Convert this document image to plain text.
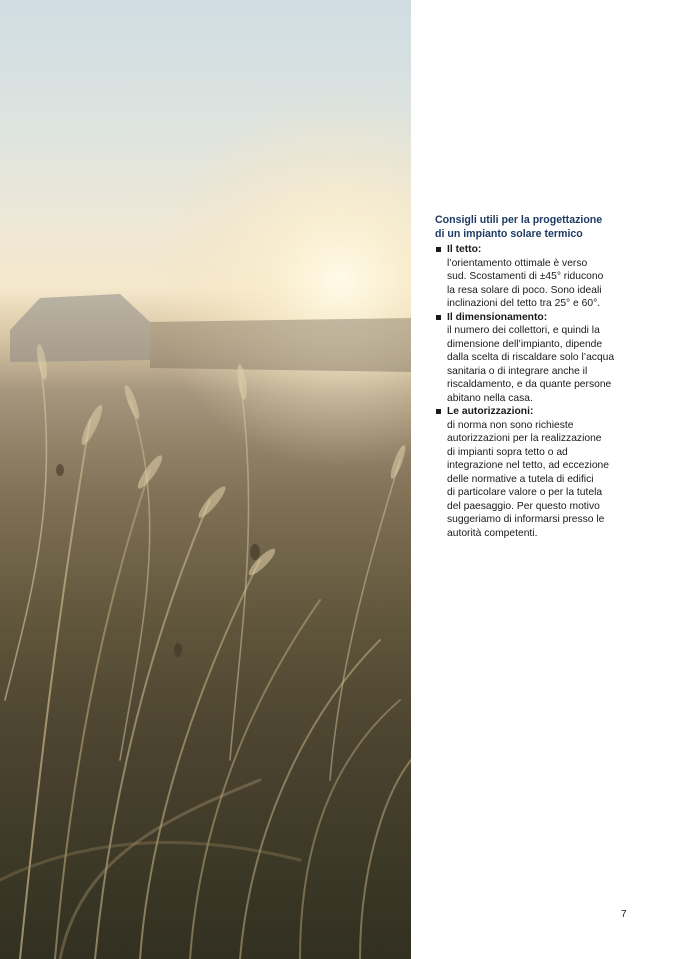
Consigli utili per la progettazione
di un impianto solare termico
Il tetto:
l’orientamento ottimale è verso
sud. Scostamenti di ±45° riducono
la resa solare di poco. Sono ideali
inclinazioni del tetto tra 25° e 60°.
Il dimensionamento:
il numero dei collettori, e quindi la
dimensione dell’impianto, dipende
dalla scelta di riscaldare solo l’acqua
sanitaria o di integrare anche il
riscaldamento, e da quante persone
abitano nella casa.
Le autorizzazioni:
di norma non sono richieste
autorizzazioni per la realizzazione
di impianti sopra tetto o ad
integrazione nel tetto, ad eccezione
delle normative a tutela di edifici
di particolare valore o per la tutela
del paesaggio. Per questo motivo
suggeriamo di informarsi presso le
autorità competenti.
7
